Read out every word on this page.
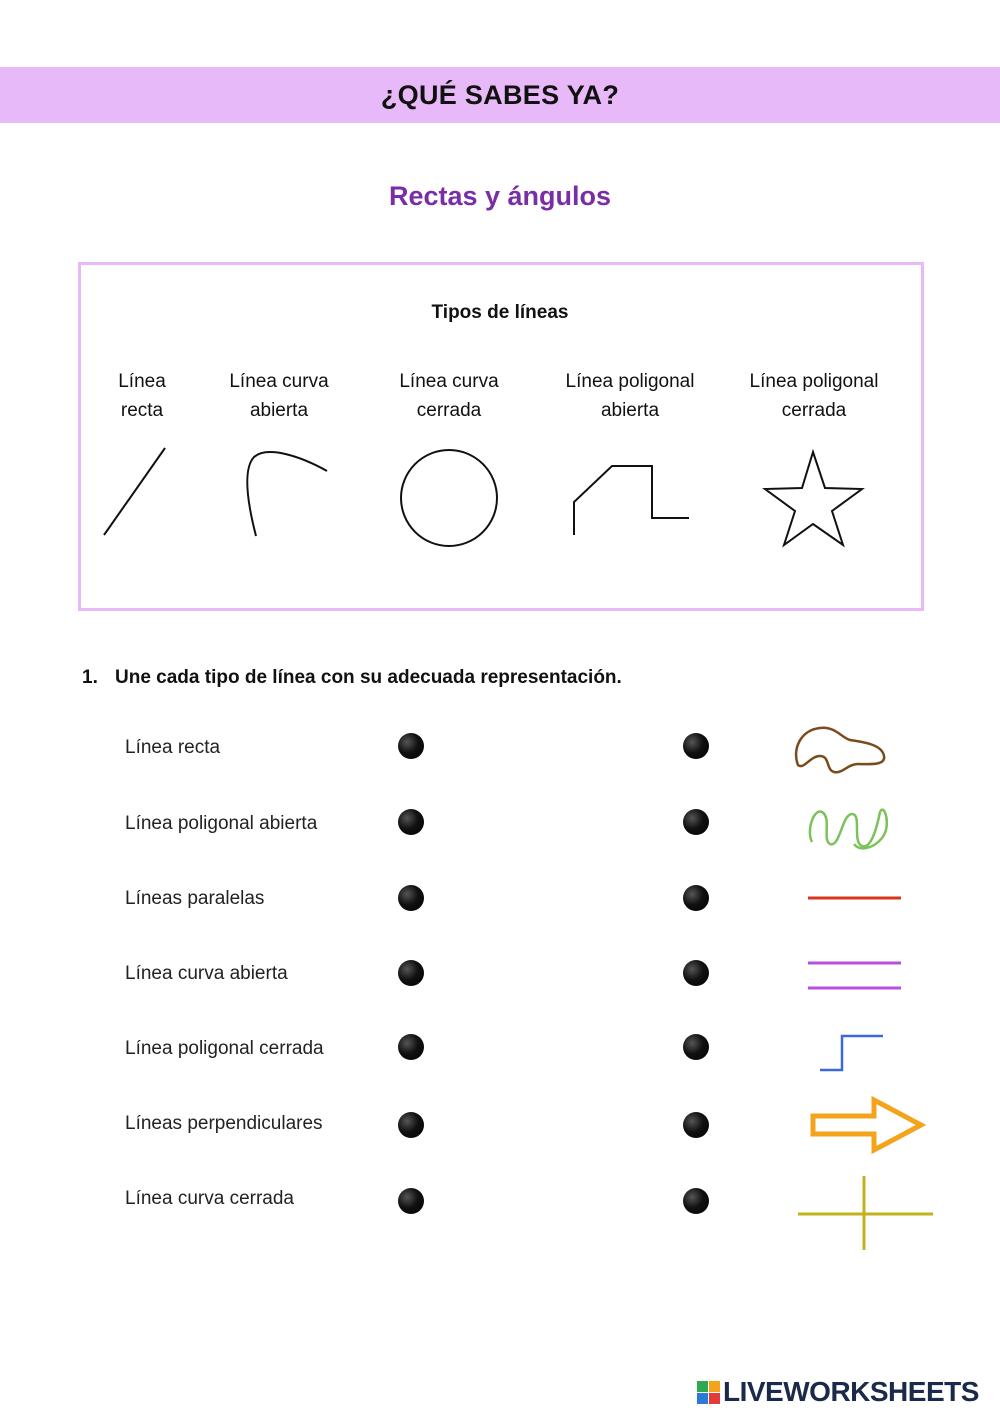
¿QUÉ SABES YA?
Rectas y ángulos
Tipos de líneas
Línea
recta
Línea curva
abierta
Línea curva
cerrada
Línea poligonal
abierta
Línea poligonal
cerrada
1. Une cada tipo de línea con su adecuada representación.
Línea recta
Línea poligonal abierta
Líneas paralelas
Línea curva abierta
Línea poligonal cerrada
Líneas perpendiculares
Línea curva cerrada
LIVEWORKSHEETS
